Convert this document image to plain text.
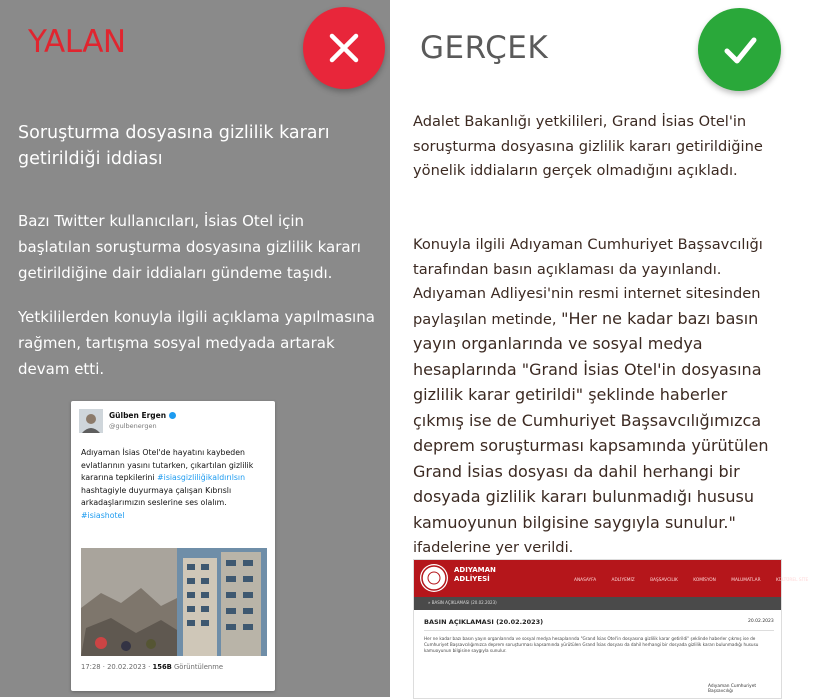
YALAN
Soruşturma dosyasına gizlilik kararı getirildiği iddiası
Bazı Twitter kullanıcıları, İsias Otel için başlatılan soruşturma dosyasına gizlilik kararı getirildiğine dair iddiaları gündeme taşıdı.
Yetkililerden konuyla ilgili açıklama yapılmasına rağmen, tartışma sosyal medyada artarak devam etti.
Gülben Ergen
@gulbenergen
Adıyaman İsias Otel'de hayatını kaybeden evlatlarının yasını tutarken, çıkartılan gizlilik kararına tepkilerini #isiasgizliliğikaldırılsın hashtagiyle duyurmaya çalışan Kıbrıslı arkadaşlarımızın seslerine ses olalım. #isiashotel
17:28 · 20.02.2023 · 156B Görüntülenme
GERÇEK
Adalet Bakanlığı yetkilileri, Grand İsias Otel'in soruşturma dosyasına gizlilik kararı getirildiğine yönelik iddiaların gerçek olmadığını açıkladı.
Konuyla ilgili Adıyaman Cumhuriyet Başsavcılığı tarafından basın açıklaması da yayınlandı. Adıyaman Adliyesi'nin resmi internet sitesinden paylaşılan metinde, "Her ne kadar bazı basın yayın organlarında ve sosyal medya hesaplarında "Grand İsias Otel'in dosyasına gizlilik karar getirildi" şeklinde haberler çıkmış ise de Cumhuriyet Başsavcılığımızca deprem soruşturması kapsamında yürütülen Grand İsias dosyası da dahil herhangi bir dosyada gizlilik kararı bulunmadığı hususu kamuoyunun bilgisine saygıyla sunulur." ifadelerine yer verildi.
ADIYAMAN
ADLİYESİ	ANASAYFA	ADLİYEMİZ	BAŞSAVCILIK	KOMİSYON	MALUMATLAR	KÜLTÜREL SİTE
» BASIN AÇIKLAMASI (20.02.2023)
BASIN AÇIKLAMASI (20.02.2023)	20.02.2023
Her ne kadar bazı basın yayın organlarında ve sosyal medya hesaplarında "Grand İsias Otel'in dosyasına gizlilik karar getirildi" şeklinde haberler çıkmış ise de Cumhuriyet Başsavcılığımızca deprem soruşturması kapsamında yürütülen Grand İsias dosyası da dahil herhangi bir dosyada gizlilik kararı bulunmadığı hususu kamuoyunun bilgisine saygıyla sunulur.
Adıyaman Cumhuriyet Başsavcılığı
